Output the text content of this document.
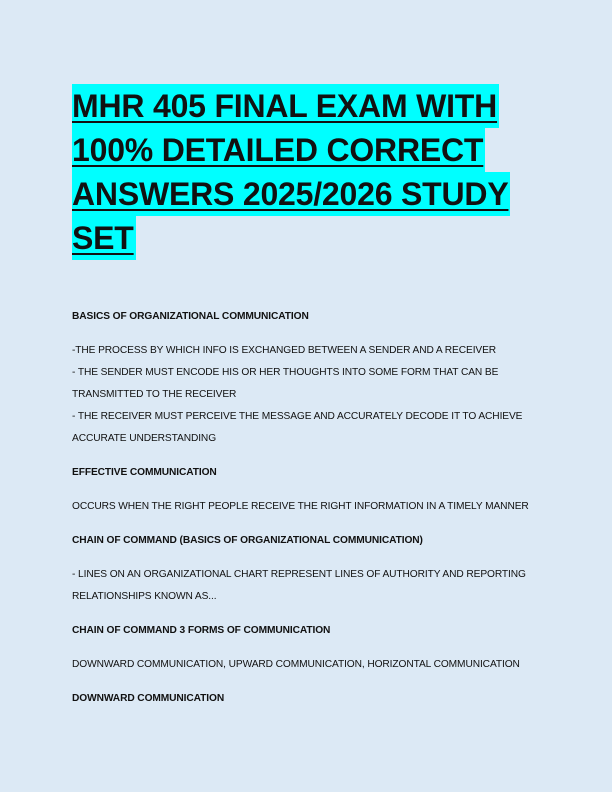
MHR 405 FINAL EXAM WITH
100% DETAILED CORRECT
ANSWERS 2025/2026 STUDY
SET
BASICS OF ORGANIZATIONAL COMMUNICATION
-THE PROCESS BY WHICH INFO IS EXCHANGED BETWEEN A SENDER AND A RECEIVER
- THE SENDER MUST ENCODE HIS OR HER THOUGHTS INTO SOME FORM THAT CAN BE
TRANSMITTED TO THE RECEIVER
- THE RECEIVER MUST PERCEIVE THE MESSAGE AND ACCURATELY DECODE IT TO ACHIEVE
ACCURATE UNDERSTANDING
EFFECTIVE COMMUNICATION
OCCURS WHEN THE RIGHT PEOPLE RECEIVE THE RIGHT INFORMATION IN A TIMELY MANNER
CHAIN OF COMMAND (BASICS OF ORGANIZATIONAL COMMUNICATION)
- LINES ON AN ORGANIZATIONAL CHART REPRESENT LINES OF AUTHORITY AND REPORTING
RELATIONSHIPS KNOWN AS...
CHAIN OF COMMAND 3 FORMS OF COMMUNICATION
DOWNWARD COMMUNICATION, UPWARD COMMUNICATION, HORIZONTAL COMMUNICATION
DOWNWARD COMMUNICATION
